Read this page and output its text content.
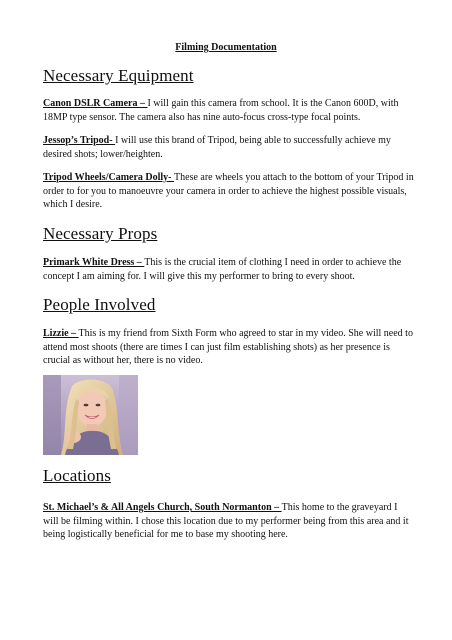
Filming Documentation
Necessary Equipment

Canon DSLR Camera – I will gain this camera from school. It is the Canon 600D, with 18MP type sensor. The camera also has nine auto-focus cross-type focal points.

Jessop’s Tripod- I will use this brand of Tripod, being able to successfully achieve my desired shots; lower/heighten.

Tripod Wheels/Camera Dolly- These are wheels you attach to the bottom of your Tripod in order to for you to manoeuvre your camera in order to achieve the highest possible visuals, which I desire.

Necessary Props

Primark White Dress – This is the crucial item of clothing I need in order to achieve the concept I am aiming for. I will give this my performer to bring to every shoot.

People Involved

Lizzie – This is my friend from Sixth Form who agreed to star in my video. She will need to attend most shoots (there are times I can just film establishing shots) as her presence is crucial as without her, there is no video.

Locations

St. Michael’s & All Angels Church, South Normanton – This home to the graveyard I will be filming within. I chose this location due to my performer being from this area and it being logistically beneficial for me to base my shooting here.
